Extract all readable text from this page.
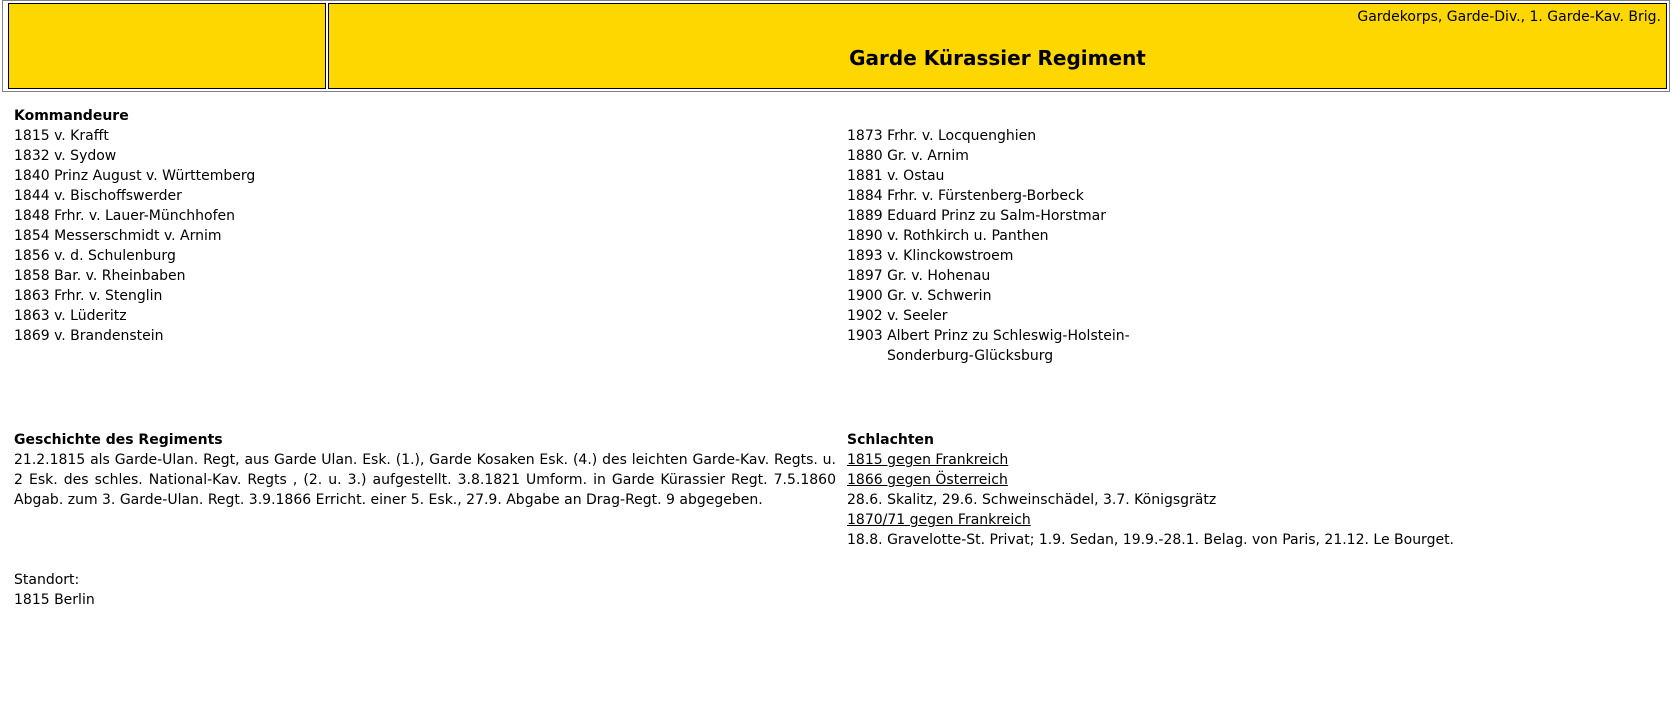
Gardekorps, Garde-Div., 1. Garde-Kav. Brig.
Garde Kürassier Regiment
Kommandeure
1815 v. Krafft
1832 v. Sydow
1840 Prinz August v. Württemberg
1844 v. Bischoffswerder
1848 Frhr. v. Lauer-Münchhofen
1854 Messerschmidt v. Arnim
1856 v. d. Schulenburg
1858 Bar. v. Rheinbaben
1863 Frhr. v. Stenglin
1863 v. Lüderitz
1869 v. Brandenstein
1873 Frhr. v. Locquenghien
1880 Gr. v. Arnim
1881 v. Ostau
1884 Frhr. v. Fürstenberg-Borbeck
1889 Eduard Prinz zu Salm-Horstmar
1890 v. Rothkirch u. Panthen
1893 v. Klinckowstroem
1897 Gr. v. Hohenau
1900 Gr. v. Schwerin
1902 v. Seeler
1903 Albert Prinz zu Schleswig-Holstein-
Sonderburg-Glücksburg
Geschichte des Regiments
21.2.1815 als Garde-Ulan. Regt, aus Garde Ulan. Esk. (1.), Garde Kosaken Esk. (4.) des leichten Garde-Kav. Regts. u. 2 Esk. des schles. National-Kav. Regts , (2. u. 3.) aufgestellt. 3.8.1821 Umform. in Garde Kürassier Regt. 7.5.1860 Abgab. zum 3. Garde-Ulan. Regt. 3.9.1866 Erricht. einer 5. Esk., 27.9. Abgabe an Drag-Regt. 9 abgegeben.
Standort:
1815 Berlin
Schlachten
1815 gegen Frankreich
1866 gegen Österreich
28.6. Skalitz, 29.6. Schweinschädel, 3.7. Königsgrätz
1870/71 gegen Frankreich
18.8. Gravelotte-St. Privat; 1.9. Sedan, 19.9.-28.1. Belag. von Paris, 21.12. Le Bourget.
